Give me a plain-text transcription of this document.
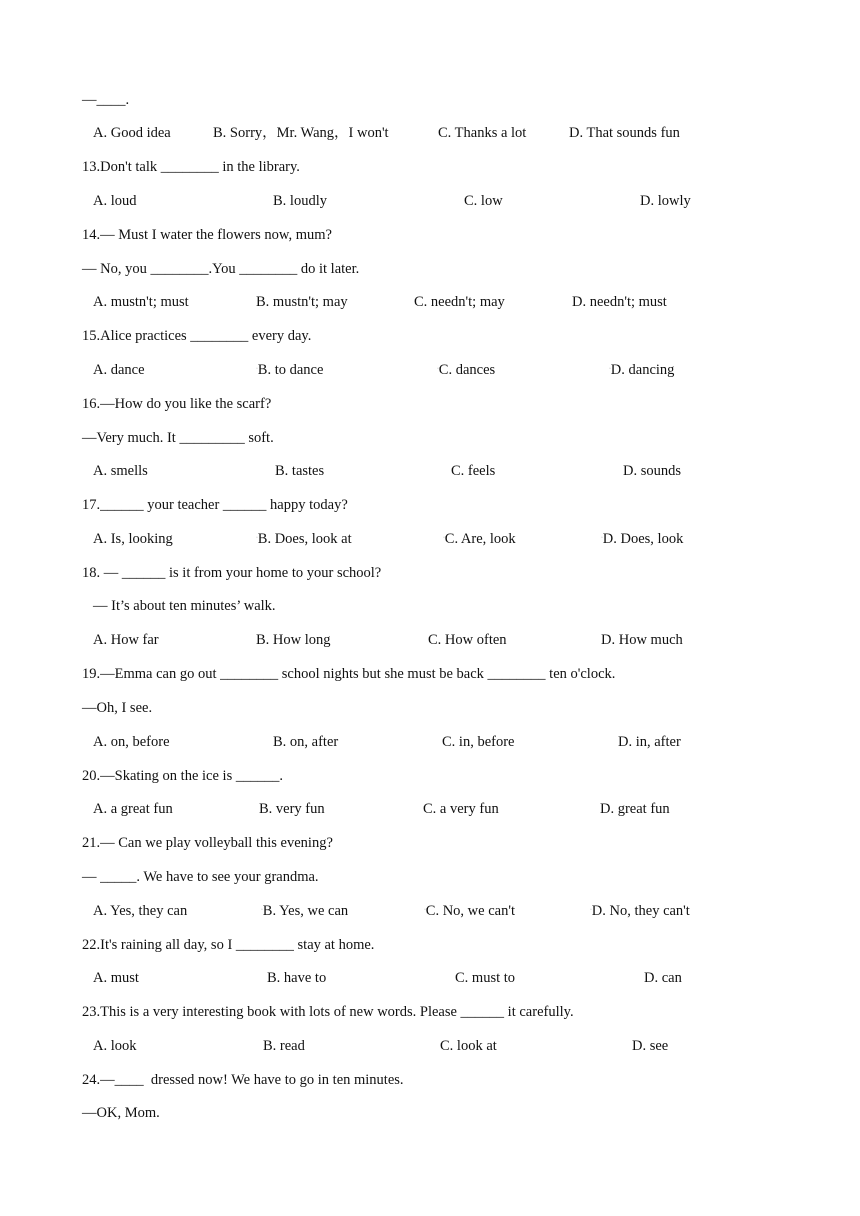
—____.
A. Good idea	B. Sorry，Mr. Wang，I won't	C. Thanks a lot	D. That sounds fun
13.Don't talk ________ in the library.
A. loud	B. loudly	C. low	D. lowly
14.— Must I water the flowers now, mum?
— No, you ________.You ________ do it later.
A. mustn't; must	B. mustn't; may	C. needn't; may	D. needn't; must
15.Alice practices ________ every day.
A. dance	▫B. to dance	▫C. dances	▫D. dancing
16.—How do you like the scarf?
—Very much. It _________ soft.
A. smells	B. tastes	C. feels	D. sounds
17.______ your teacher ______ happy today?
A. Is, looking	▫B. Does, look at	▫C. Are, look	▫D. Does, look
18. — ______ is it from your home to your school?
— It’s about ten minutes’ walk.
A. How far	B. How long	C. How often	D. How much
19.—Emma can go out ________ school nights but she must be back ________ ten o'clock.
—Oh, I see.
A. on, before	B. on, after	C. in, before	D. in, after
20.—Skating on the ice is ______.
A. a great fun	B. very fun	C. a very fun	D. great fun
21.— Can we play volleyball this evening?
— _____. We have to see your grandma.
A. Yes, they can	▫B. Yes, we can	▫C. No, we can't	▫D. No, they can't
22.It's raining all day, so I ________ stay at home.
A. must	B. have to	C. must to	D. can
23.This is a very interesting book with lots of new words. Please ______ it carefully.
A. look	B. read	C. look at	D. see
24.—____  dressed now! We have to go in ten minutes.
—OK, Mom.
